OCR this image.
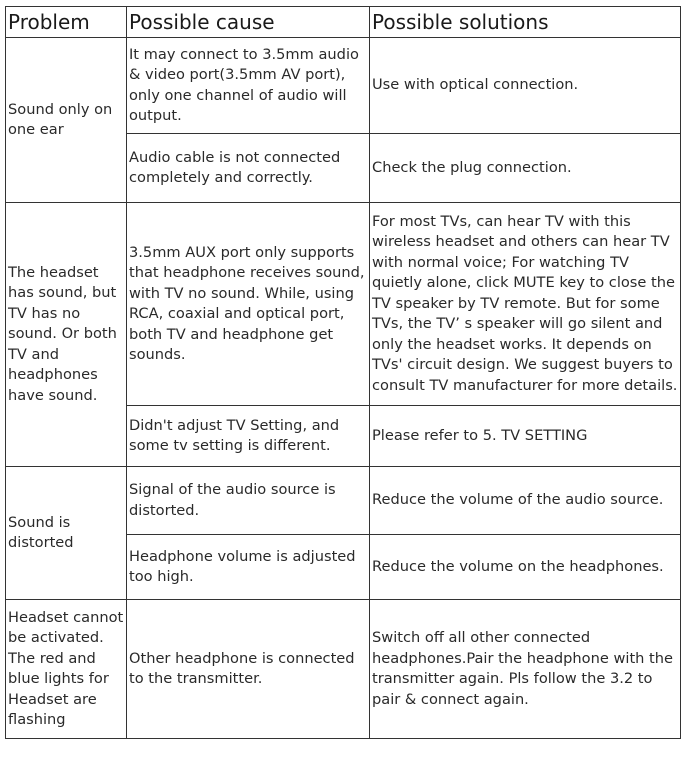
Problem	Possible cause	Possible solutions
Sound only on one ear	It may connect to 3.5mm audio & video port(3.5mm AV port), only one channel of audio will output.	Use with optical connection.
	Audio cable is not connected completely and correctly.	Check the plug connection.
The headset has sound, but TV has no sound. Or both TV and headphones have sound.	3.5mm AUX port only supports that headphone receives sound, with TV no sound. While, using RCA, coaxial and optical port, both TV and headphone get sounds.	For most TVs, can hear TV with this wireless headset and others can hear TV with normal voice; For watching TV quietly alone, click MUTE key to close the TV speaker by TV remote. But for some TVs, the TV’ s speaker will go silent and only the headset works. It depends on TVs' circuit design. We suggest buyers to consult TV manufacturer for more details.
	Didn't adjust TV Setting, and some tv setting is different.	Please refer to 5. TV SETTING
Sound is distorted	Signal of the audio source is distorted.	Reduce the volume of the audio source.
	Headphone volume is adjusted too high.	Reduce the volume on the headphones.
Headset cannot be activated. The red and blue lights for Headset are flashing	Other headphone is connected to the transmitter.	Switch off all other connected headphones.Pair the headphone with the transmitter again. Pls follow the 3.2 to pair & connect again.
